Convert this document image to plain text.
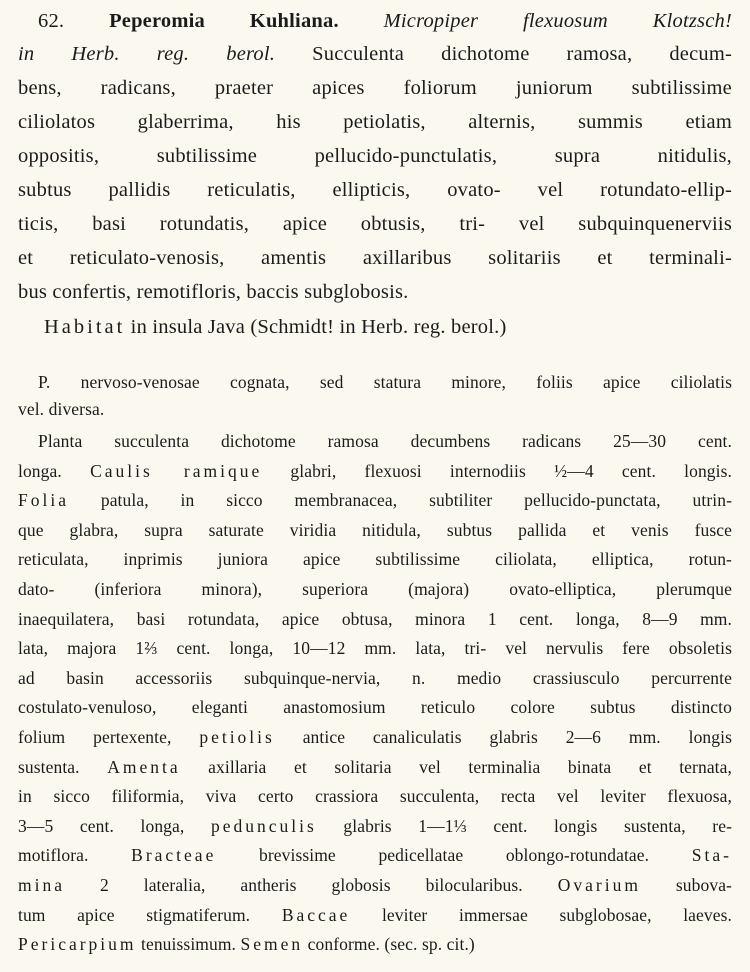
62. Peperomia Kuhliana. Micropiper flexuosum Klotzsch!
in Herb. reg. berol. Succulenta dichotome ramosa, decum-
bens, radicans, praeter apices foliorum juniorum subtilissime
ciliolatos glaberrima, his petiolatis, alternis, summis etiam
oppositis, subtilissime pellucido-punctulatis, supra nitidulis,
subtus pallidis reticulatis, ellipticis, ovato- vel rotundato-ellip-
ticis, basi rotundatis, apice obtusis, tri- vel subquinquenerviis
et reticulato-venosis, amentis axillaribus solitariis et terminali-
bus confertis, remotifloris, baccis subglobosis.
Habitat in insula Java (Schmidt! in Herb. reg. berol.)
P. nervoso-venosae cognata, sed statura minore, foliis apice ciliolatis
vel. diversa.
Planta succulenta dichotome ramosa decumbens radicans 25—30 cent.
longa. Caulis ramique glabri, flexuosi internodiis ½—4 cent. longis.
Folia patula, in sicco membranacea, subtiliter pellucido-punctata, utrin-
que glabra, supra saturate viridia nitidula, subtus pallida et venis fusce
reticulata, inprimis juniora apice subtilissime ciliolata, elliptica, rotun-
dato- (inferiora minora), superiora (majora) ovato-elliptica, plerumque
inaequilatera, basi rotundata, apice obtusa, minora 1 cent. longa, 8—9 mm.
lata, majora 1⅔ cent. longa, 10—12 mm. lata, tri- vel nervulis fere obsoletis
ad basin accessoriis subquinque-nervia, n. medio crassiusculo percurrente
costulato-venuloso, eleganti anastomosium reticulo colore subtus distincto
folium pertexente, petiolis antice canaliculatis glabris 2—6 mm. longis
sustenta. Amenta axillaria et solitaria vel terminalia binata et ternata,
in sicco filiformia, viva certo crassiora succulenta, recta vel leviter flexuosa,
3—5 cent. longa, pedunculis glabris 1—1⅓ cent. longis sustenta, re-
motiflora. Bracteae brevissime pedicellatae oblongo-rotundatae. Sta-
mina 2 lateralia, antheris globosis bilocularibus. Ovarium subova-
tum apice stigmatiferum. Baccae leviter immersae subglobosae, laeves.
Pericarpium tenuissimum. Semen conforme. (sec. sp. cit.)
